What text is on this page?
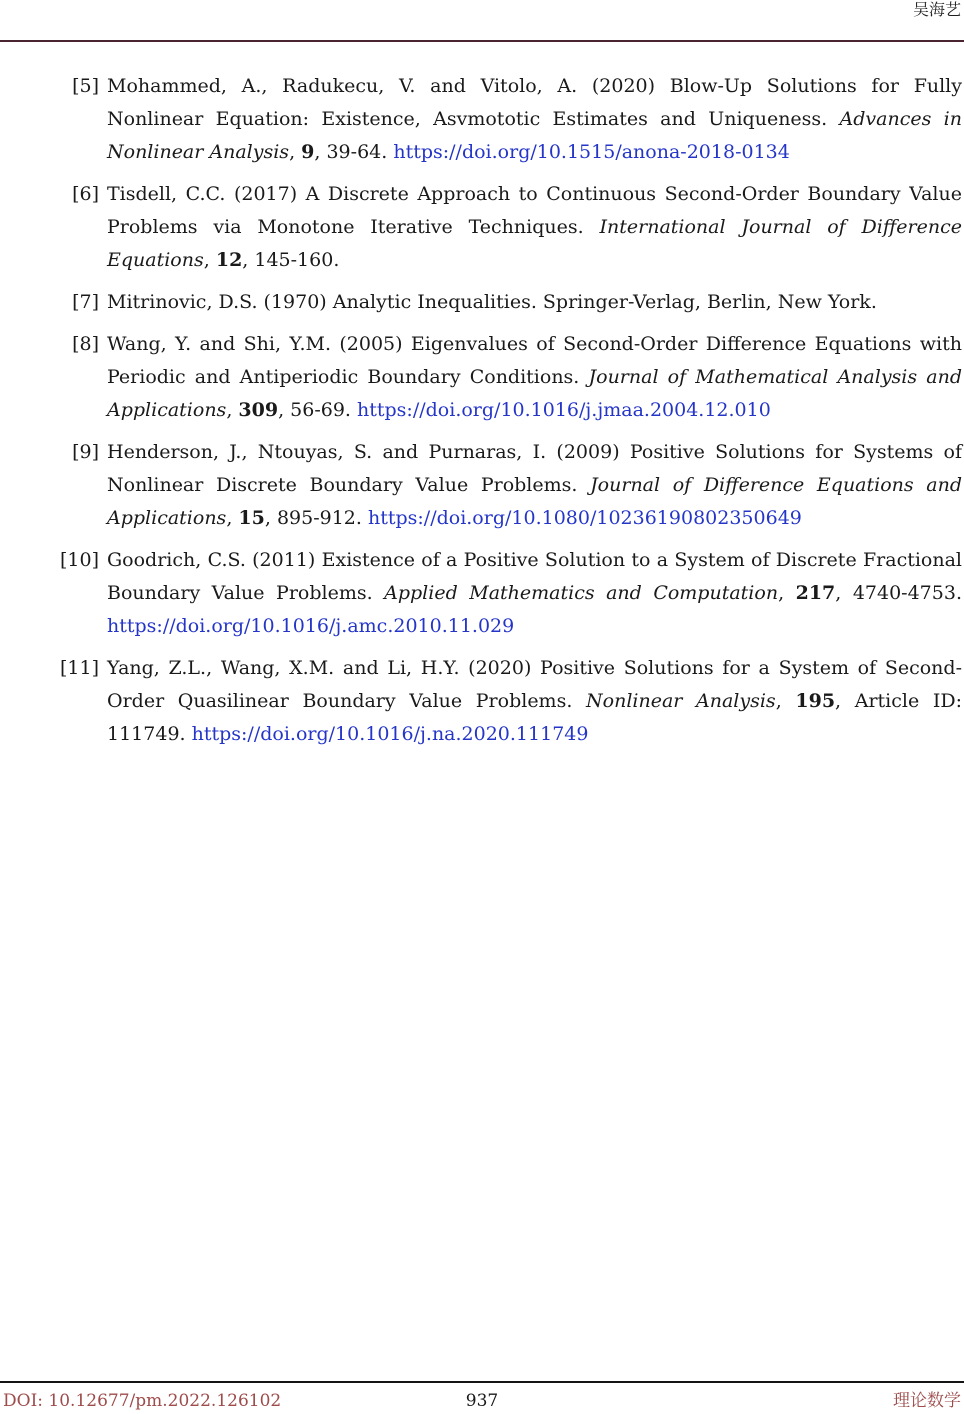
吴海艺
[5] Mohammed, A., Radukecu, V. and Vitolo, A. (2020) Blow-Up Solutions for Fully Nonlinear Equation: Existence, Asvmototic Estimates and Uniqueness. Advances in Nonlinear Analysis, 9, 39-64. https://doi.org/10.1515/anona-2018-0134
[6] Tisdell, C.C. (2017) A Discrete Approach to Continuous Second-Order Boundary Value Problems via Monotone Iterative Techniques. International Journal of Difference Equations, 12, 145-160.
[7] Mitrinovic, D.S. (1970) Analytic Inequalities. Springer-Verlag, Berlin, New York.
[8] Wang, Y. and Shi, Y.M. (2005) Eigenvalues of Second-Order Difference Equations with Periodic and Antiperiodic Boundary Conditions. Journal of Mathematical Analysis and Applications, 309, 56-69. https://doi.org/10.1016/j.jmaa.2004.12.010
[9] Henderson, J., Ntouyas, S. and Purnaras, I. (2009) Positive Solutions for Systems of Nonlinear Discrete Boundary Value Problems. Journal of Difference Equations and Applications, 15, 895-912. https://doi.org/10.1080/10236190802350649
[10] Goodrich, C.S. (2011) Existence of a Positive Solution to a System of Discrete Fractional Boundary Value Problems. Applied Mathematics and Computation, 217, 4740-4753. https://doi.org/10.1016/j.amc.2010.11.029
[11] Yang, Z.L., Wang, X.M. and Li, H.Y. (2020) Positive Solutions for a System of Second-Order Quasilinear Boundary Value Problems. Nonlinear Analysis, 195, Article ID: 111749. https://doi.org/10.1016/j.na.2020.111749
DOI: 10.12677/pm.2022.126102	937	理论数学
